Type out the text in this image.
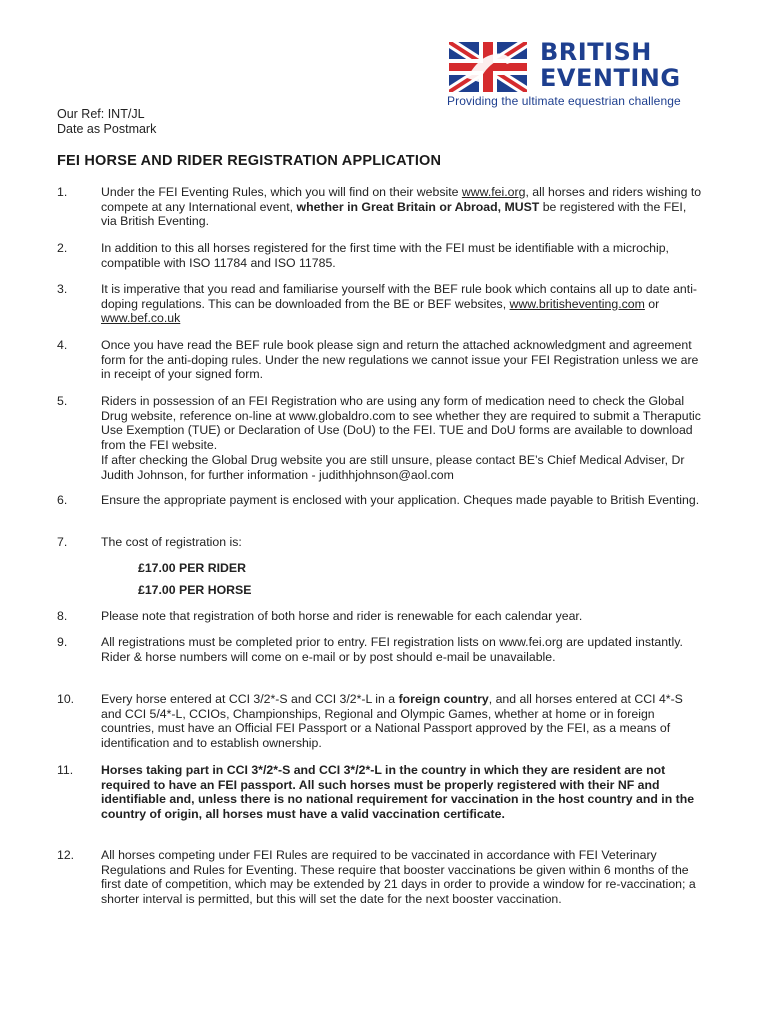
BRITISH
EVENTING
Providing the ultimate equestrian challenge
Our Ref: INT/JL
Date as Postmark
FEI HORSE AND RIDER REGISTRATION APPLICATION
1.	Under the FEI Eventing Rules, which you will find on their website www.fei.org, all horses and riders wishing to compete at any International event, whether in Great Britain or Abroad, MUST be registered with the FEI, via British Eventing.
2.	In addition to this all horses registered for the first time with the FEI must be identifiable with a microchip, compatible with ISO 11784 and ISO 11785.
3.	It is imperative that you read and familiarise yourself with the BEF rule book which contains all up to date anti-doping regulations. This can be downloaded from the BE or BEF websites, www.britisheventing.com or www.bef.co.uk
4.	Once you have read the BEF rule book please sign and return the attached acknowledgment and agreement form for the anti-doping rules. Under the new regulations we cannot issue your FEI Registration unless we are in receipt of your signed form.
5.	Riders in possession of an FEI Registration who are using any form of medication need to check the Global Drug website, reference on-line at www.globaldro.com to see whether they are required to submit a Theraputic Use Exemption (TUE) or Declaration of Use (DoU) to the FEI. TUE and DoU forms are available to download from the FEI website.
If after checking the Global Drug website you are still unsure, please contact BE’s Chief Medical Adviser, Dr Judith Johnson, for further information - judithhjohnson@aol.com
6.	Ensure the appropriate payment is enclosed with your application. Cheques made payable to British Eventing.
7.	The cost of registration is:
£17.00 PER RIDER
£17.00 PER HORSE
8.	Please note that registration of both horse and rider is renewable for each calendar year.
9.	All registrations must be completed prior to entry. FEI registration lists on www.fei.org are updated instantly. Rider & horse numbers will come on e-mail or by post should e-mail be unavailable.
10. Every horse entered at CCI 3/2*-S and CCI 3/2*-L in a foreign country, and all horses entered at CCI 4*-S and CCI 5/4*-L, CCIOs, Championships, Regional and Olympic Games, whether at home or in foreign countries, must have an Official FEI Passport or a National Passport approved by the FEI, as a means of identification and to establish ownership.
11. Horses taking part in CCI 3*/2*-S and CCI 3*/2*-L in the country in which they are resident are not required to have an FEI passport. All such horses must be properly registered with their NF and identifiable and, unless there is no national requirement for vaccination in the host country and in the country of origin, all horses must have a valid vaccination certificate.
12. All horses competing under FEI Rules are required to be vaccinated in accordance with FEI Veterinary Regulations and Rules for Eventing. These require that booster vaccinations be given within 6 months of the first date of competition, which may be extended by 21 days in order to provide a window for re-vaccination; a shorter interval is permitted, but this will set the date for the next booster vaccination.
